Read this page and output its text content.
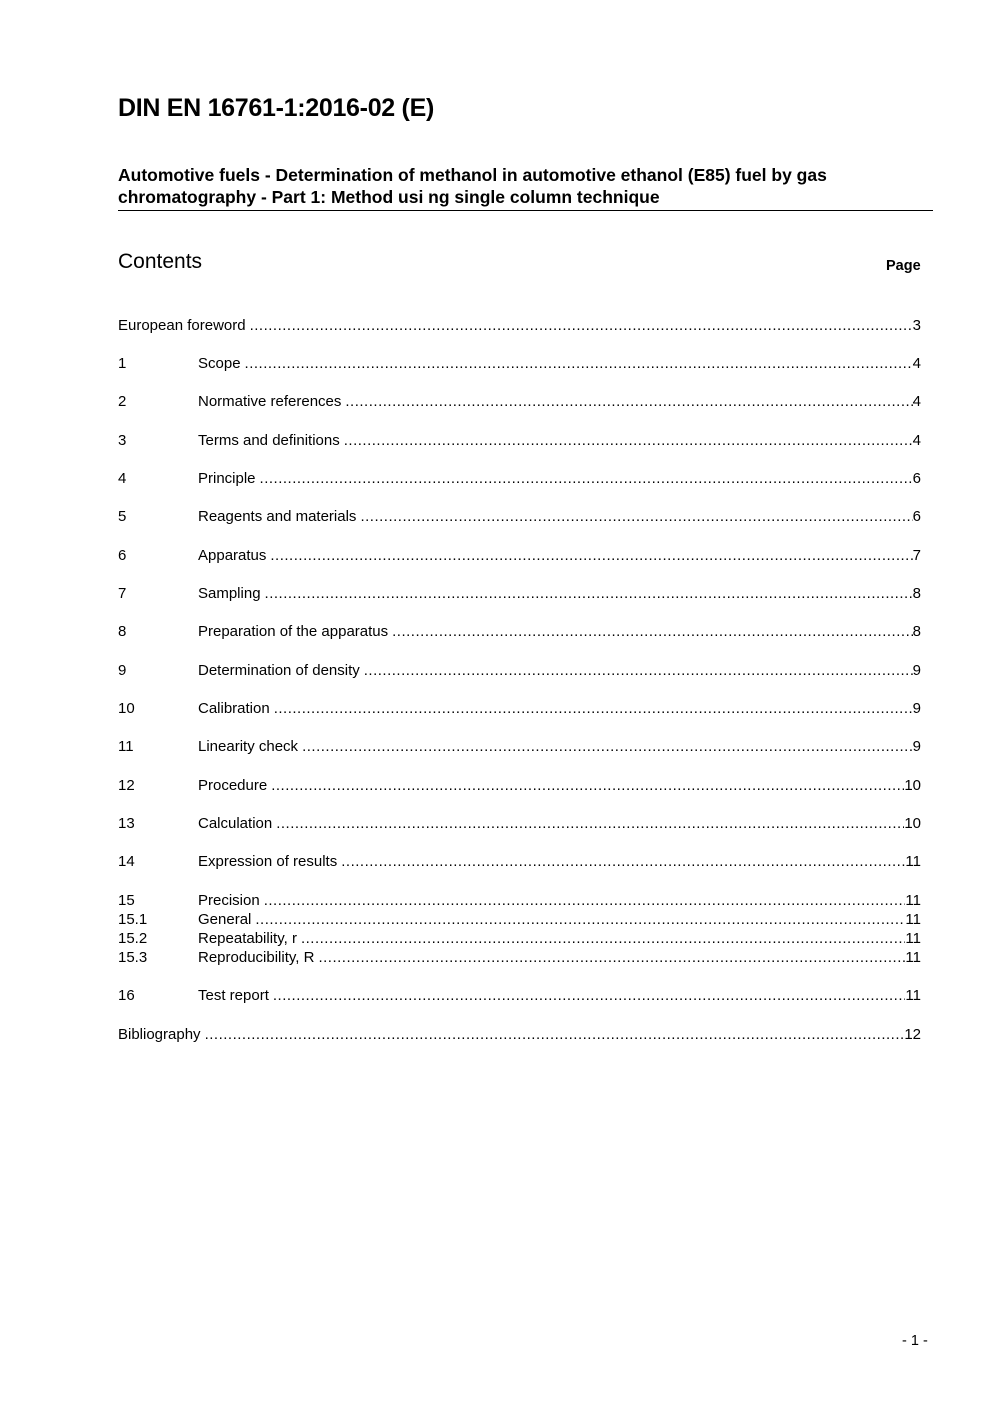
DIN EN 16761-1:2016-02 (E)
Automotive fuels - Determination of methanol in automotive ethanol (E85) fuel by gas chromatography - Part 1: Method usi ng single column technique
Contents	Page
European foreword .....	3
1	Scope .....	4
2	Normative references .....	4
3	Terms and definitions .....	4
4	Principle .....	6
5	Reagents and materials .....	6
6	Apparatus .....	7
7	Sampling .....	8
8	Preparation of the apparatus .....	8
9	Determination of density .....	9
10	Calibration .....	9
11	Linearity check .....	9
12	Procedure .....	10
13	Calculation .....	10
14	Expression of results .....	11
15	Precision .....	11
15.1	General .....	11
15.2	Repeatability, r .....	11
15.3	Reproducibility, R .....	11
16	Test report .....	11
Bibliography .....	12
- 1 -
